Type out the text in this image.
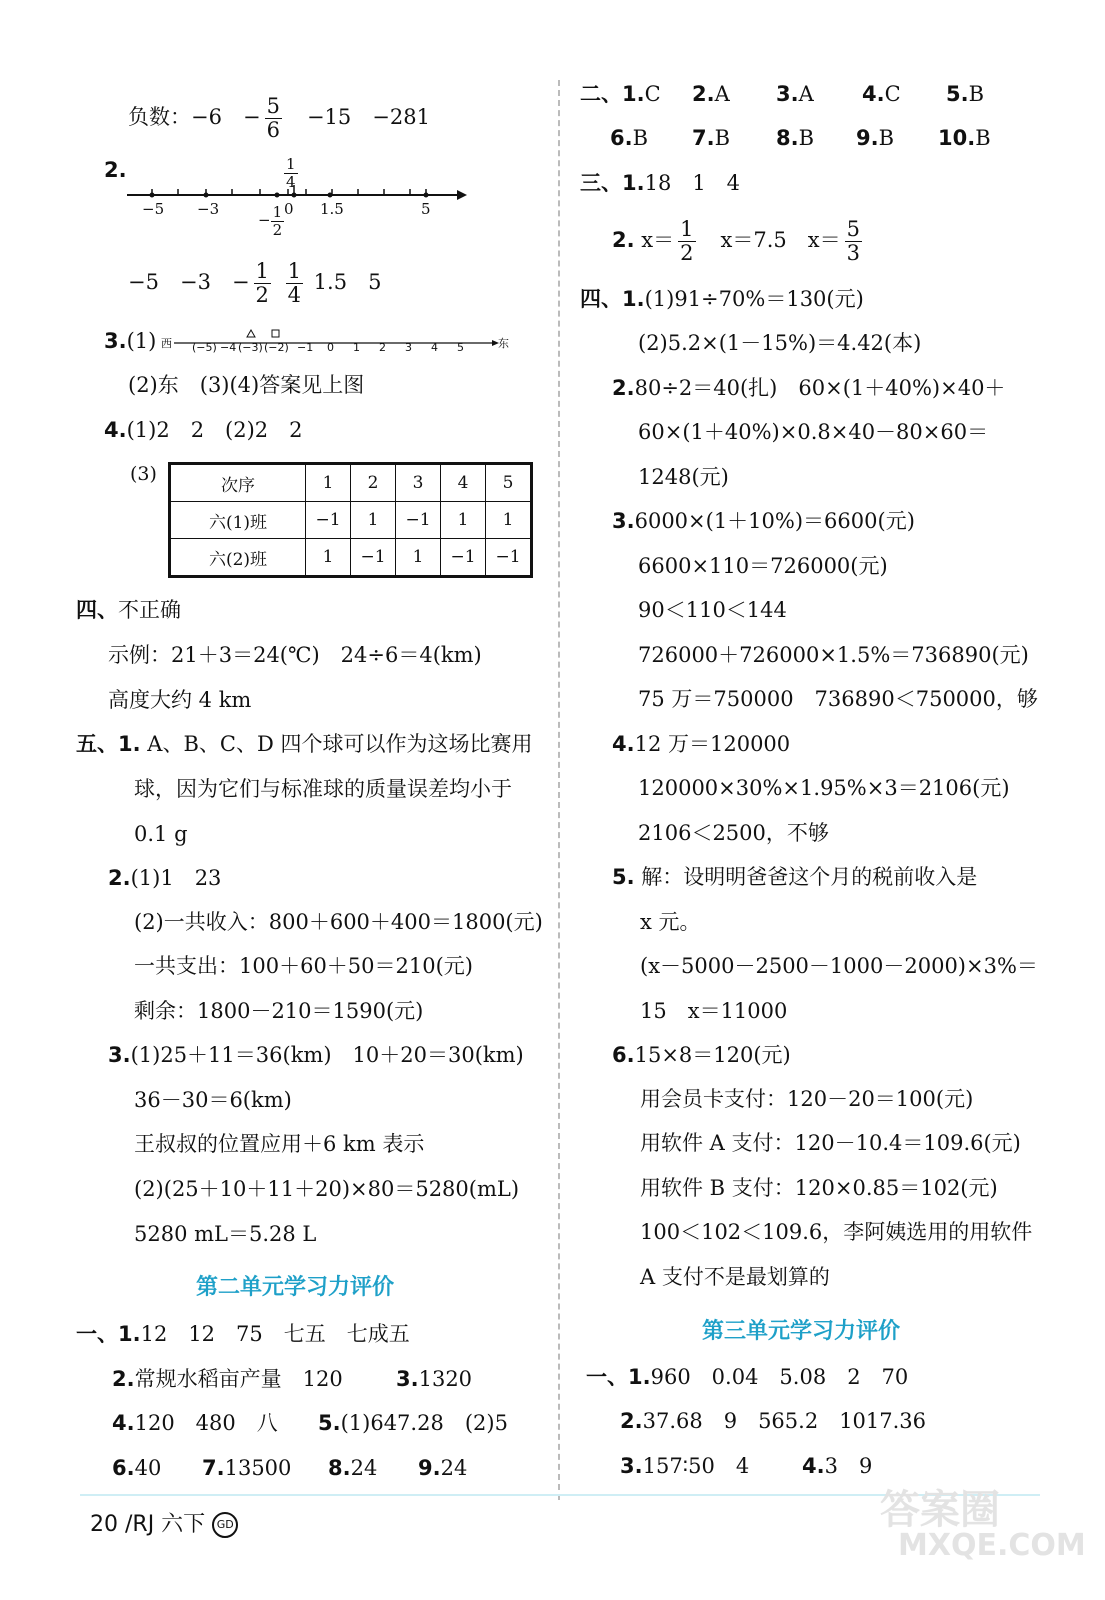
负数：−6　 − $\frac{5}{6}$
　 −15　 −281
2.
−5 −3	0 1.5	5
$\frac{1}{4}$
− $\frac{1}{2}$
−5　 −3　 − $\frac{1}{2}$
$\frac{1}{4} 1.5$　 5
3.(1) 西	东
(−5) −4 (−3) (−2) −1 0 1 2 3 4 5
(2)东　(3)(4)答案见上图
4.(1)2　2　(2)2　2
(3)
次序	1	2	3	4	5
六(1)班	−1	1	−1	1	1
六(2)班	1	−1	1	−1	−1
四、不正确
示例：21＋3＝24(℃)　24÷6＝4(km)
高度大约 4 km
五、1. A、B、C、D 四个球可以作为这场比赛用
球，因为它们与标准球的质量误差均小于
0.1 g
2.(1)1　23
(2)一共收入：800＋600＋400＝1800(元)
一共支出：100＋60＋50＝210(元)
剩余：1800－210＝1590(元)
3.(1)25＋11＝36(km)　10＋20＝30(km)
36－30＝6(km)
王叔叔的位置应用＋6 km 表示
(2)(25＋10＋11＋20)×80＝5280(mL)
5280 mL＝5.28 L
第二单元学习力评价
一、1.12　12　75　七五　七成五
2.常规水稻亩产量　120	3.1320
4.120　480　八 5.(1)647.28　(2)5
6.40 7.13500 8.24 9.24
二、1.C 2.A 3.A 4.C 5.B
6.B 7.B 8.B 9.B 10.B
三、1.18　1　4
2. $x= \frac{1}{2}$
　 x＝7.5　 $x= \frac{5}{3}$
四、1.(1)91÷70%＝130(元)
(2)5.2×(1－15%)＝4.42(本)
2.80÷2＝40(扎)　60×(1＋40%)×40＋
60×(1＋40%)×0.8×40－80×60＝
1248(元)
3.6000×(1＋10%)＝6600(元)
6600×110＝726000(元)
90＜110＜144
726000＋726000×1.5%＝736890(元)
75 万＝750000　736890＜750000，够
4.12 万＝120000
120000×30%×1.95%×3＝2106(元)
2106＜2500，不够
5. 解：设明明爸爸这个月的税前收入是
x 元。
(x－5000－2500－1000－2000)×3%＝
15　x＝11000
6.15×8＝120(元)
用会员卡支付：120－20＝100(元)
用软件 A 支付：120－10.4＝109.6(元)
用软件 B 支付：120×0.85＝102(元)
100＜102＜109.6，李阿姨选用的用软件
A 支付不是最划算的
第三单元学习力评价
一、1.960　0.04　5.08　2　70
2.37.68　9　565.2　1017.36
3.157∶50　4	4.3　9
20 /RJ 六下 GD	答案圈
MXQE.COM
